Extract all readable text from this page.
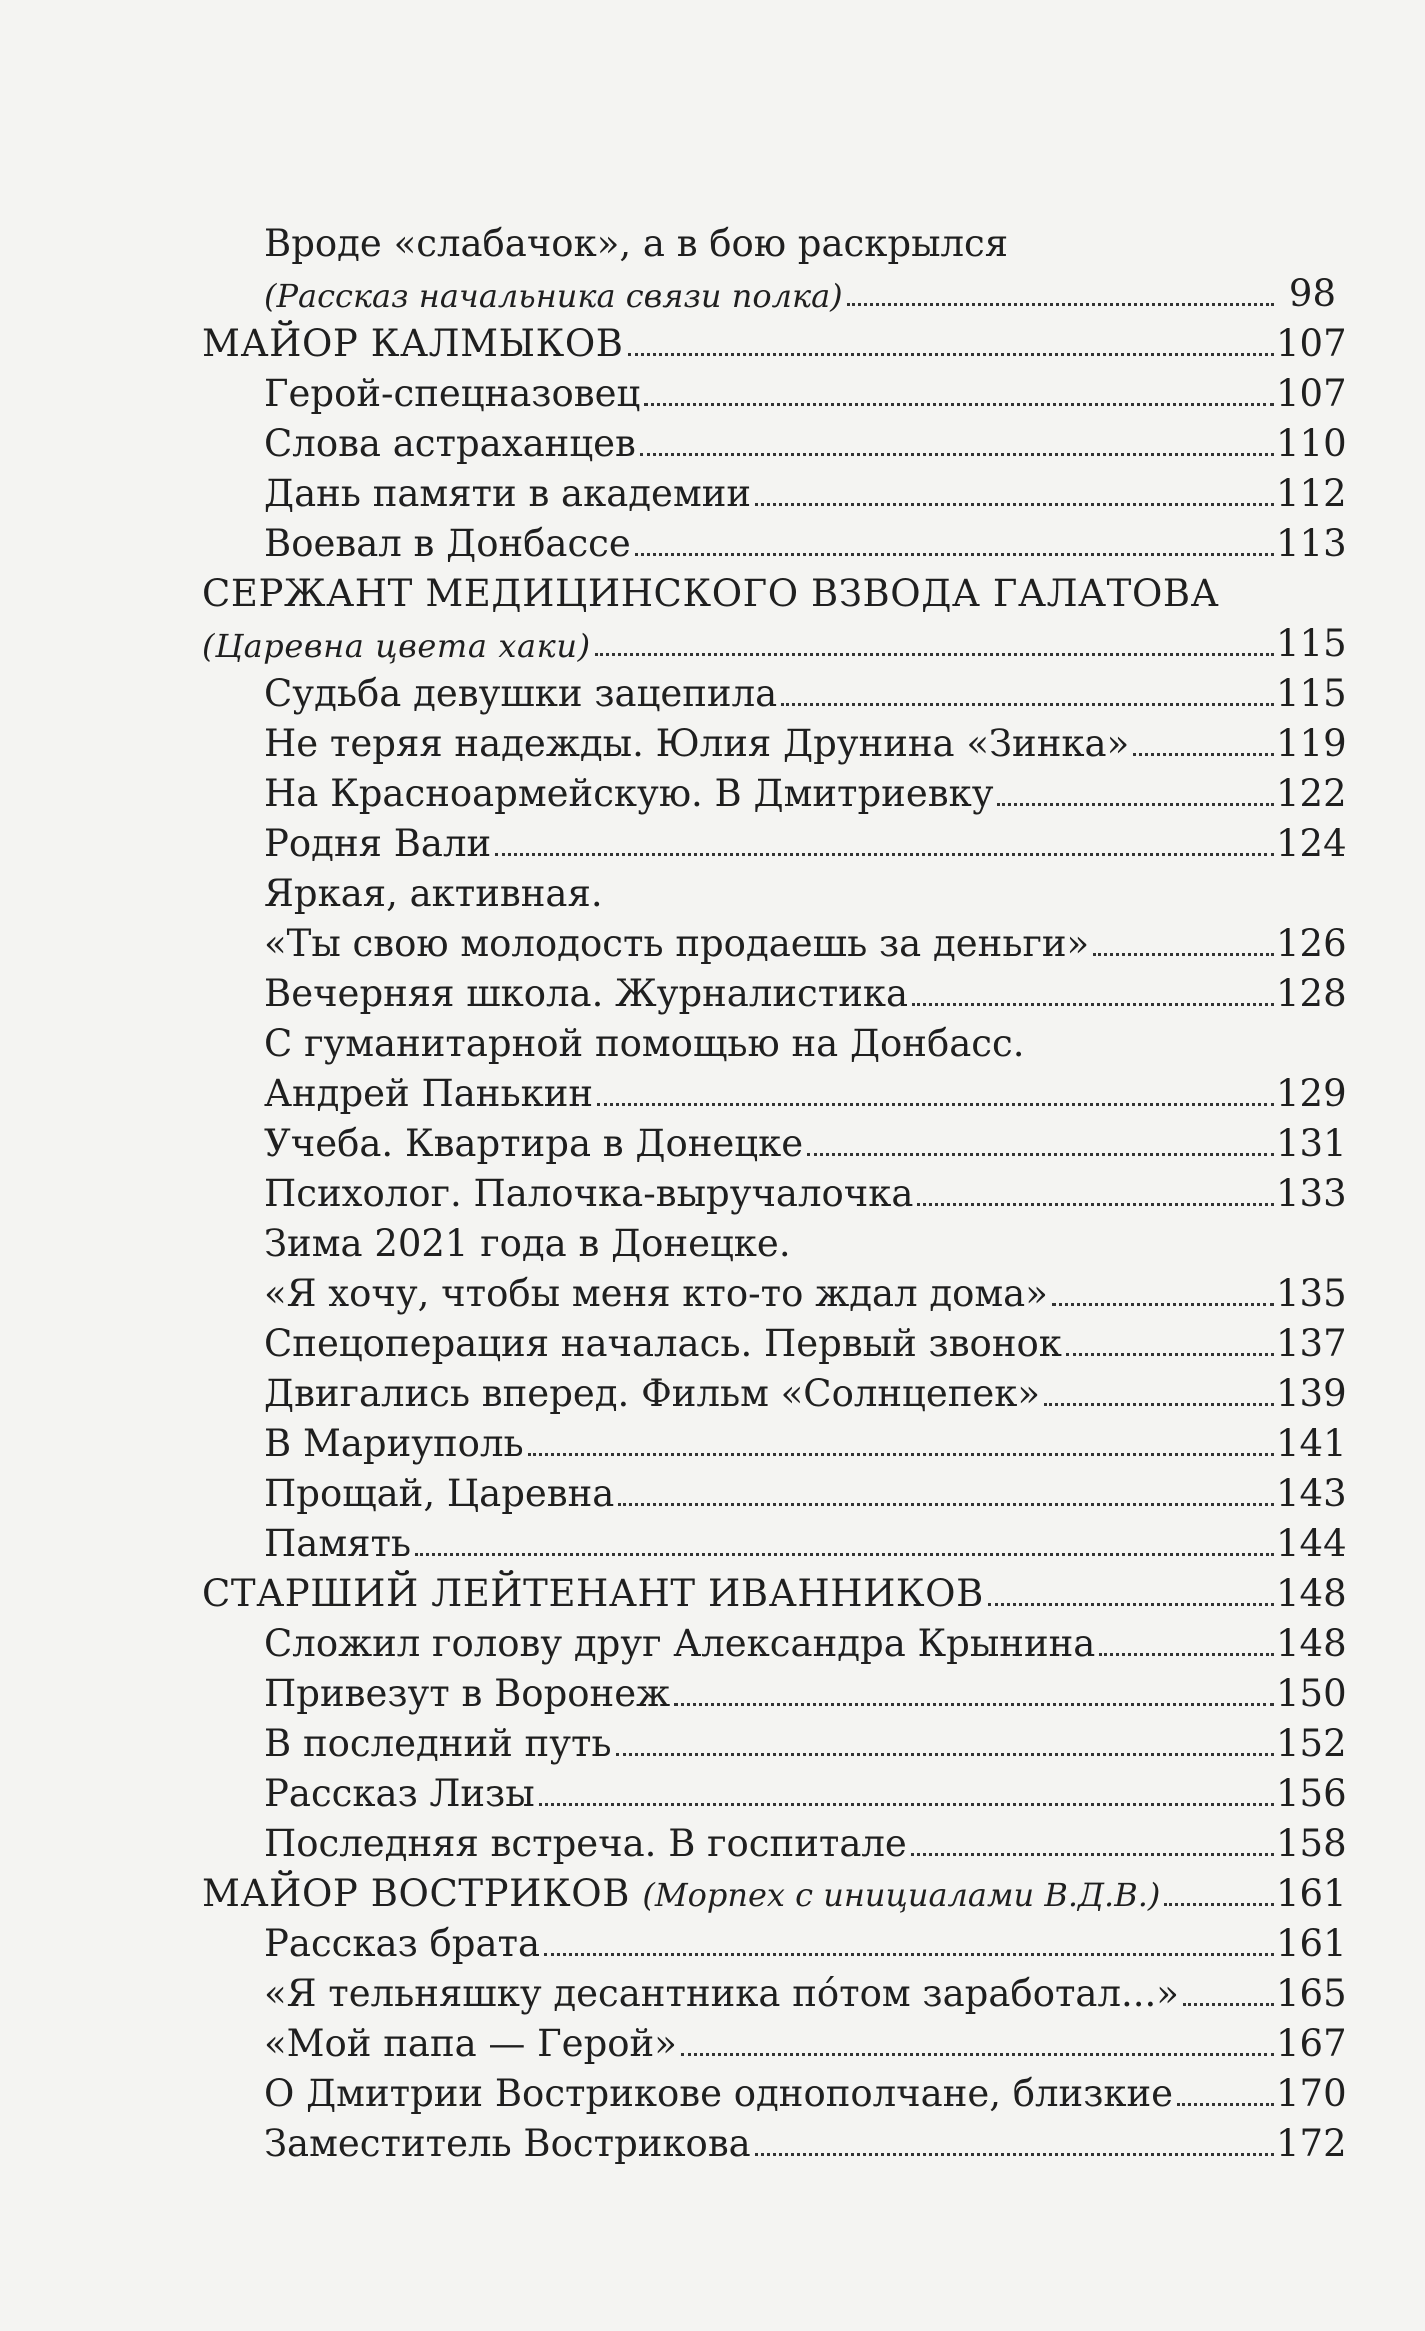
Вроде «слабачок», а в бою раскрылся
(Рассказ начальника связи полка)	98
МАЙОР КАЛМЫКОВ	107
Герой-спецназовец	107
Слова астраханцев	110
Дань памяти в академии	112
Воевал в Донбассе	113
СЕРЖАНТ МЕДИЦИНСКОГО ВЗВОДА ГАЛАТОВА
(Царевна цвета хаки)	115
Судьба девушки зацепила	115
Не теряя надежды. Юлия Друнина «Зинка»	119
На Красноармейскую. В Дмитриевку	122
Родня Вали	124
Яркая, активная.
«Ты свою молодость продаешь за деньги»	126
Вечерняя школа. Журналистика	128
С гуманитарной помощью на Донбасс.
Андрей Панькин	129
Учеба. Квартира в Донецке	131
Психолог. Палочка-выручалочка	133
Зима 2021 года в Донецке.
«Я хочу, чтобы меня кто-то ждал дома»	135
Спецоперация началась. Первый звонок	137
Двигались вперед. Фильм «Солнцепек»	139
В Мариуполь	141
Прощай, Царевна	143
Память	144
СТАРШИЙ ЛЕЙТЕНАНТ ИВАННИКОВ	148
Сложил голову друг Александра Крынина	148
Привезут в Воронеж	150
В последний путь	152
Рассказ Лизы	156
Последняя встреча. В госпитале	158
МАЙОР ВОСТРИКОВ (Морпех с инициалами В.Д.В.)	161
Рассказ брата	161
«Я тельняшку десантника по́том заработал...»	165
«Мой папа — Герой»	167
О Дмитрии Вострикове однополчане, близкие	170
Заместитель Вострикова	172
